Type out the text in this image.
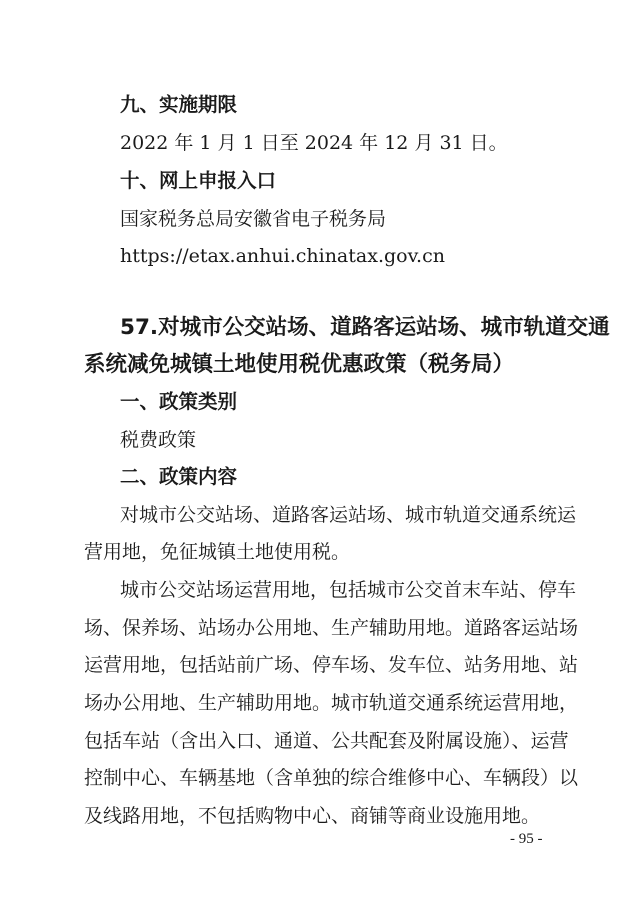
九、实施期限
2022 年 1 月 1 日至 2024 年 12 月 31 日。
十、网上申报入口
国家税务总局安徽省电子税务局
https://etax.anhui.chinatax.gov.cn
57.对城市公交站场、道路客运站场、城市轨道交通
系统减免城镇土地使用税优惠政策（税务局）
一、政策类别
税费政策
二、政策内容
对城市公交站场、道路客运站场、城市轨道交通系统运
营用地，免征城镇土地使用税。
城市公交站场运营用地，包括城市公交首末车站、停车
场、保养场、站场办公用地、生产辅助用地。道路客运站场
运营用地，包括站前广场、停车场、发车位、站务用地、站
场办公用地、生产辅助用地。城市轨道交通系统运营用地，
包括车站（含出入口、通道、公共配套及附属设施）、运营
控制中心、车辆基地（含单独的综合维修中心、车辆段）以
及线路用地，不包括购物中心、商铺等商业设施用地。
- 95 -
